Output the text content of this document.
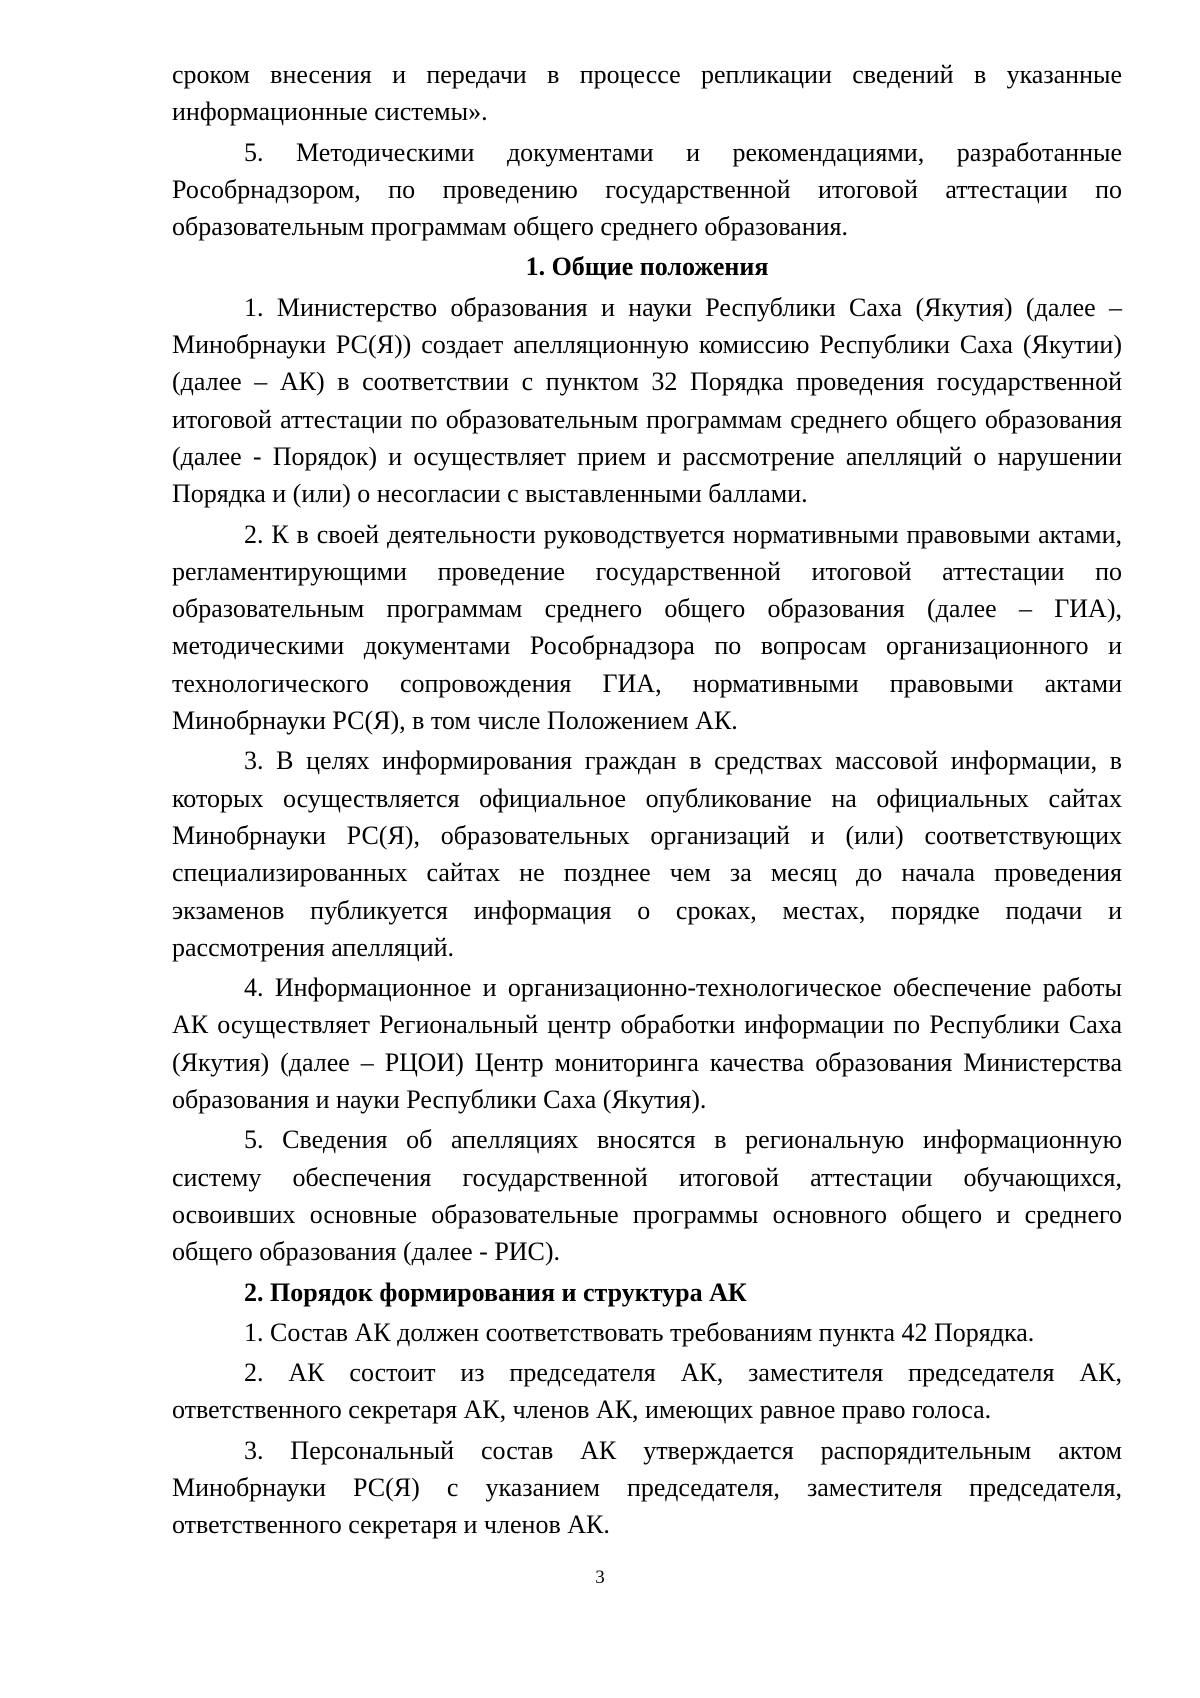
сроком внесения и передачи в процессе репликации сведений в указанные информационные системы».

5. Методическими документами и рекомендациями, разработанные Рособрнадзором, по проведению государственной итоговой аттестации по образовательным программам общего среднего образования.

1. Общие положения

1. Министерство образования и науки Республики Саха (Якутия) (далее – Минобрнауки РС(Я)) создает апелляционную комиссию Республики Саха (Якутии) (далее – АК) в соответствии с пунктом 32 Порядка проведения государственной итоговой аттестации по образовательным программам среднего общего образования (далее - Порядок) и осуществляет прием и рассмотрение апелляций о нарушении Порядка и (или) о несогласии с выставленными баллами.

2. К в своей деятельности руководствуется нормативными правовыми актами, регламентирующими проведение государственной итоговой аттестации по образовательным программам среднего общего образования (далее – ГИА), методическими документами Рособрнадзора по вопросам организационного и технологического сопровождения ГИА, нормативными правовыми актами Минобрнауки РС(Я), в том числе Положением АК.

3. В целях информирования граждан в средствах массовой информации, в которых осуществляется официальное опубликование на официальных сайтах Минобрнауки РС(Я), образовательных организаций и (или) соответствующих специализированных сайтах не позднее чем за месяц до начала проведения экзаменов публикуется информация о сроках, местах, порядке подачи и рассмотрения апелляций.

4. Информационное и организационно-технологическое обеспечение работы АК осуществляет Региональный центр обработки информации по Республики Саха (Якутия) (далее – РЦОИ) Центр мониторинга качества образования Министерства образования и науки Республики Саха (Якутия).

5. Сведения об апелляциях вносятся в региональную информационную систему обеспечения государственной итоговой аттестации обучающихся, освоивших основные образовательные программы основного общего и среднего общего образования (далее - РИС).

2. Порядок формирования и структура АК

1. Состав АК должен соответствовать требованиям пункта 42 Порядка.

2. АК состоит из председателя АК, заместителя председателя АК, ответственного секретаря АК, членов АК, имеющих равное право голоса.

3. Персональный состав АК утверждается распорядительным актом Минобрнауки РС(Я) с указанием председателя, заместителя председателя, ответственного секретаря и членов АК.

3
